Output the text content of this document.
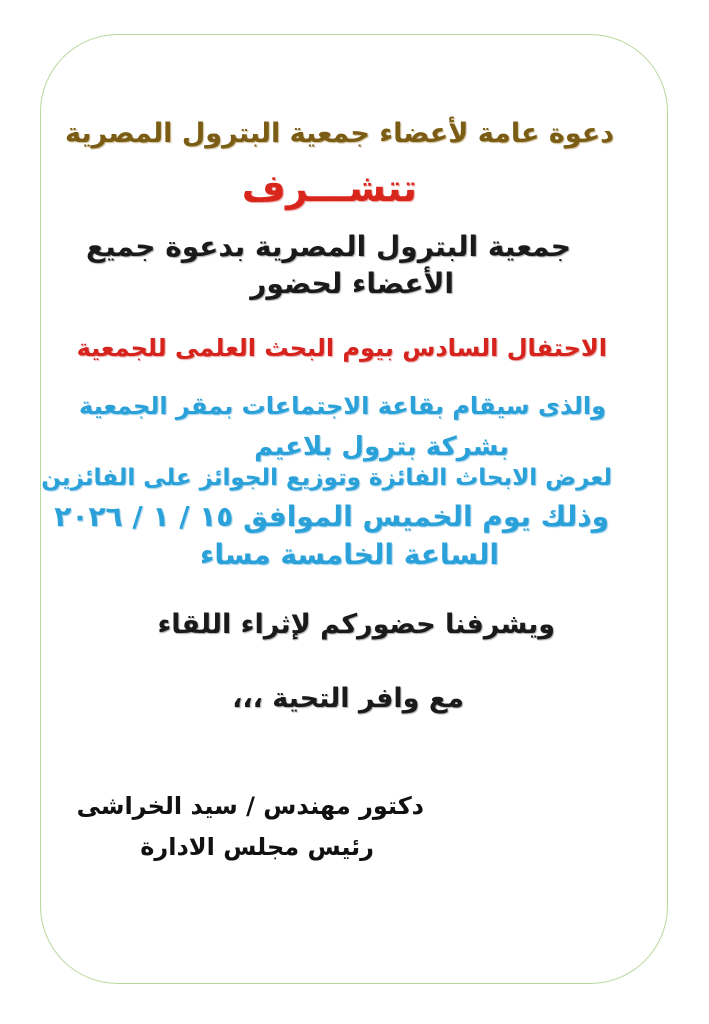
دعوة عامة لأعضاء جمعية البترول المصرية

تتشـــرف

جمعية البترول المصرية بدعوة جميع

الأعضاء لحضور

الاحتفال السادس بيوم البحث العلمى للجمعية

والذى سيقام بقاعة الاجتماعات بمقر الجمعية

بشركة بترول بلاعيم

لعرض الابحاث الفائزة وتوزيع الجوائز على الفائزين

وذلك يوم الخميس الموافق ١٥ / ١ / ٢٠٢٦

الساعة الخامسة مساء

ويشرفنا حضوركم لإثراء اللقاء

مع وافر التحية ،،،

دكتور مهندس / سيد الخراشى

رئيس مجلس الادارة
